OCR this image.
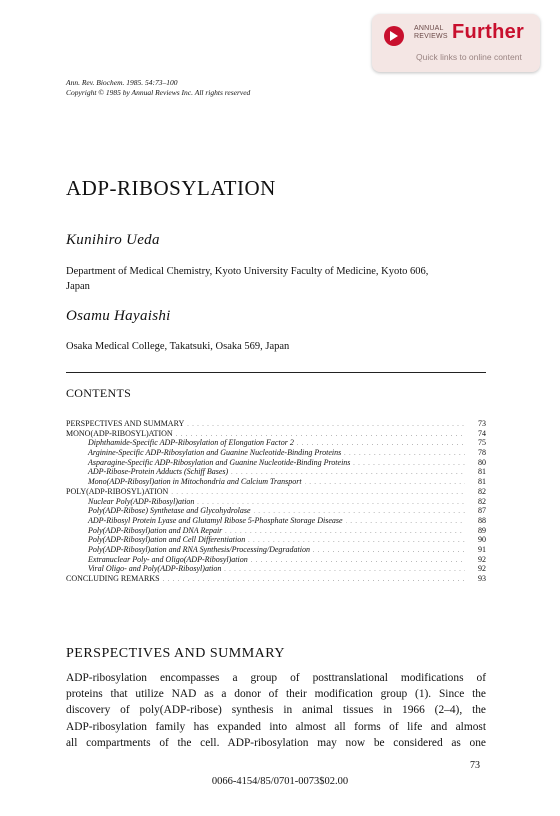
ANNUAL
REVIEWS Further
Quick links to online content
Ann. Rev. Biochem. 1985. 54:73–100
Copyright © 1985 by Annual Reviews Inc. All rights reserved
ADP-RIBOSYLATION
Kunihiro Ueda
Department of Medical Chemistry, Kyoto University Faculty of Medicine, Kyoto 606,
Japan
Osamu Hayaishi
Osaka Medical College, Takatsuki, Osaka 569, Japan
CONTENTS
PERSPECTIVES AND SUMMARY . . .	73
MONO(ADP-RIBOSYL)ATION . . .	74
Diphthamide-Specific ADP-Ribosylation of Elongation Factor 2 . . .	75
Arginine-Specific ADP-Ribosylation and Guanine Nucleotide-Binding Proteins . . .	78
Asparagine-Specific ADP-Ribosylation and Guanine Nucleotide-Binding Proteins . . .	80
ADP-Ribose-Protein Adducts (Schiff Bases) . . .	81
Mono(ADP-Ribosyl)ation in Mitochondria and Calcium Transport . . .	81
POLY(ADP-RIBOSYL)ATION . . .	82
Nuclear Poly(ADP-Ribosyl)ation . . .	82
Poly(ADP-Ribose) Synthetase and Glycohydrolase . . .	87
ADP-Ribosyl Protein Lyase and Glutamyl Ribose 5-Phosphate Storage Disease . . .	88
Poly(ADP-Ribosyl)ation and DNA Repair . . .	89
Poly(ADP-Ribosyl)ation and Cell Differentiation . . .	90
Poly(ADP-Ribosyl)ation and RNA Synthesis/Processing/Degradation . . .	91
Extranuclear Poly- and Oligo(ADP-Ribosyl)ation . . .	92
Viral Oligo- and Poly(ADP-Ribosyl)ation . . .	92
CONCLUDING REMARKS . . .	93
PERSPECTIVES AND SUMMARY
ADP-ribosylation encompasses a group of posttranslational modifications of
proteins that utilize NAD as a donor of their modification group (1). Since the
discovery of poly(ADP-ribose) synthesis in animal tissues in 1966 (2–4), the
ADP-ribosylation family has expanded into almost all forms of life and almost
all compartments of the cell. ADP-ribosylation may now be considered as one
73
0066-4154/85/0701-0073$02.00
